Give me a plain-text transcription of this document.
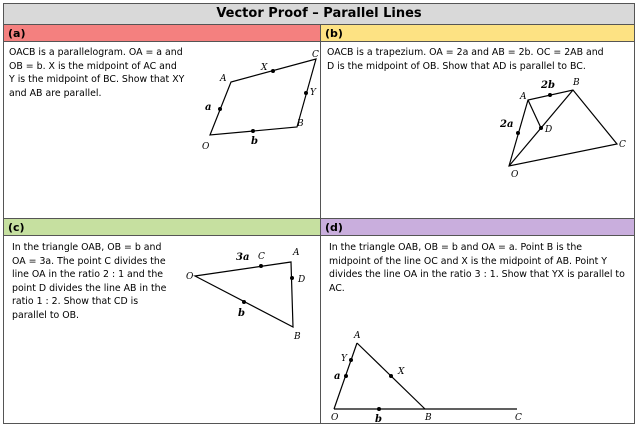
Vector Proof – Parallel Lines
(a)
OACB is a parallelogram. OA = a and
OB = b. X is the midpoint of AC and
Y is the midpoint of BC. Show that XY
and AB are parallel.
A
C
X
Y
O
B
a
b
(b)
OACB is a trapezium. OA = 2a and AB = 2b. OC = 2AB and
D is the midpoint of OB. Show that AD is parallel to BC.
A
B
C
D
O
2a
2b
(c)
In the triangle OAB, OB = b and
OA = 3a. The point C divides the
line OA in the ratio 2 : 1 and the
point D divides the line AB in the
ratio 1 : 2. Show that CD is
parallel to OB.
3a C	A
O	D
b
B
(d)
In the triangle OAB, OB = b and OA = a. Point B is the
midpoint of the line OC and X is the midpoint of AB. Point Y
divides the line OA in the ratio 3 : 1. Show that YX is parallel to
AC.
A
Y
X
a
O	b	B	C
